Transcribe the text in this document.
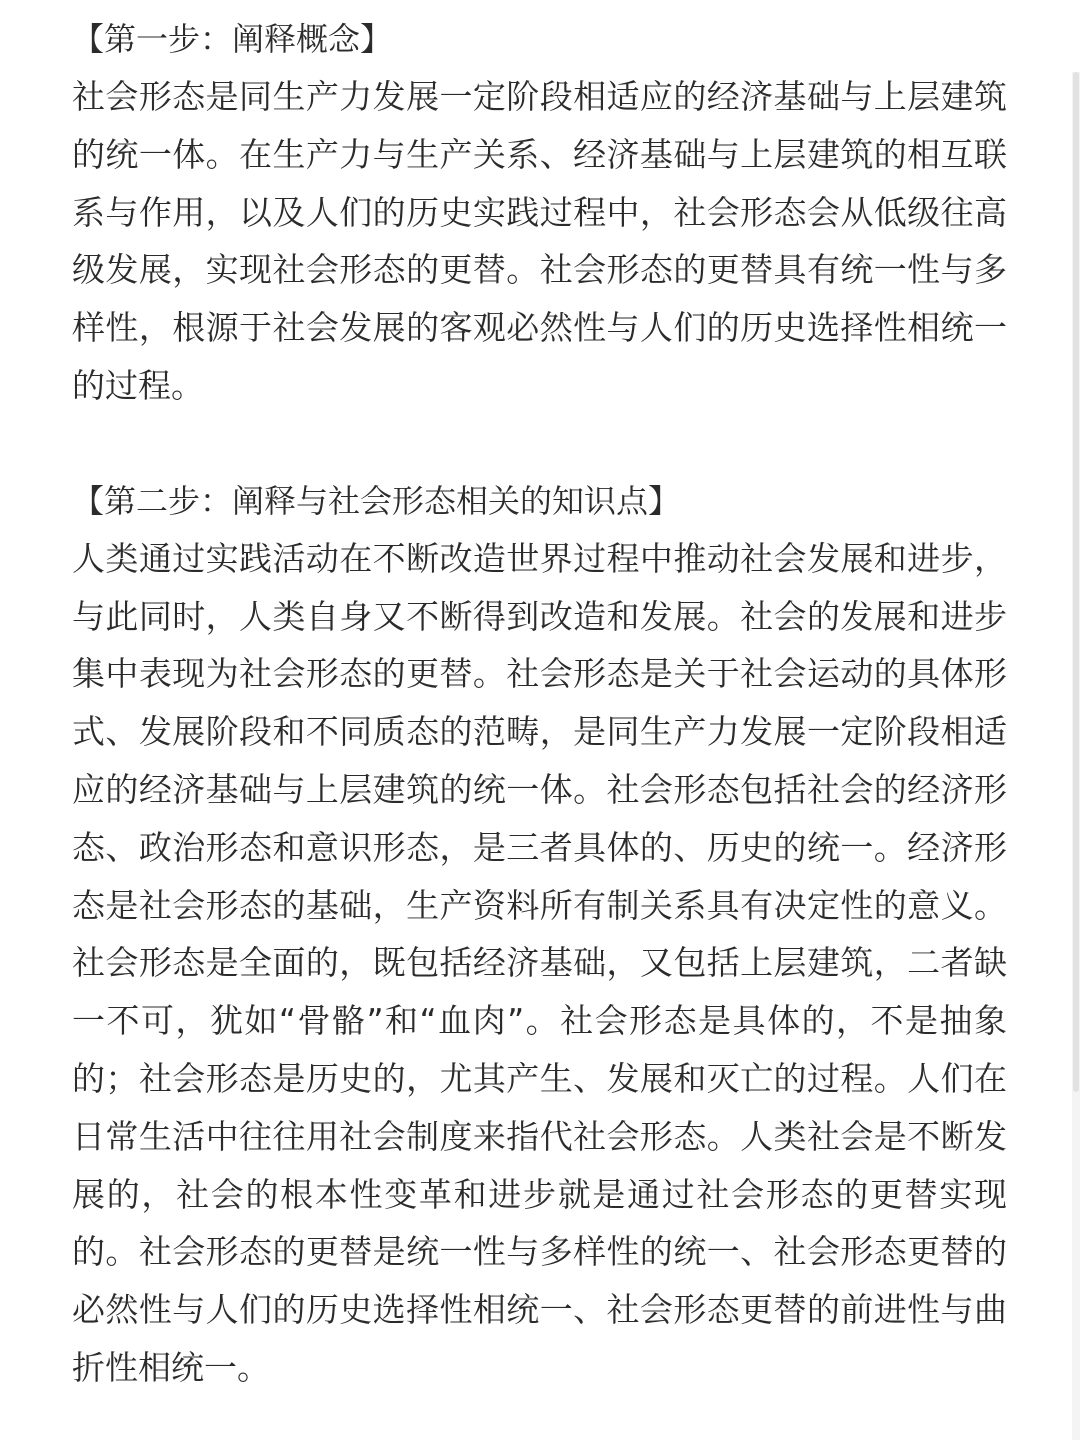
【第一步：阐释概念】

社会形态是同生产力发展一定阶段相适应的经济基础与上层建筑的统一体。在生产力与生产关系、经济基础与上层建筑的相互联系与作用，以及人们的历史实践过程中，社会形态会从低级往高级发展，实现社会形态的更替。社会形态的更替具有统一性与多样性，根源于社会发展的客观必然性与人们的历史选择性相统一的过程。

【第二步：阐释与社会形态相关的知识点】

人类通过实践活动在不断改造世界过程中推动社会发展和进步，与此同时，人类自身又不断得到改造和发展。社会的发展和进步集中表现为社会形态的更替。社会形态是关于社会运动的具体形式、发展阶段和不同质态的范畴，是同生产力发展一定阶段相适应的经济基础与上层建筑的统一体。社会形态包括社会的经济形态、政治形态和意识形态，是三者具体的、历史的统一。经济形态是社会形态的基础，生产资料所有制关系具有决定性的意义。社会形态是全面的，既包括经济基础，又包括上层建筑，二者缺一不可，犹如“骨骼”和“血肉”。社会形态是具体的，不是抽象的；社会形态是历史的，尤其产生、发展和灭亡的过程。人们在日常生活中往往用社会制度来指代社会形态。人类社会是不断发展的，社会的根本性变革和进步就是通过社会形态的更替实现的。社会形态的更替是统一性与多样性的统一、社会形态更替的必然性与人们的历史选择性相统一、社会形态更替的前进性与曲折性相统一。
